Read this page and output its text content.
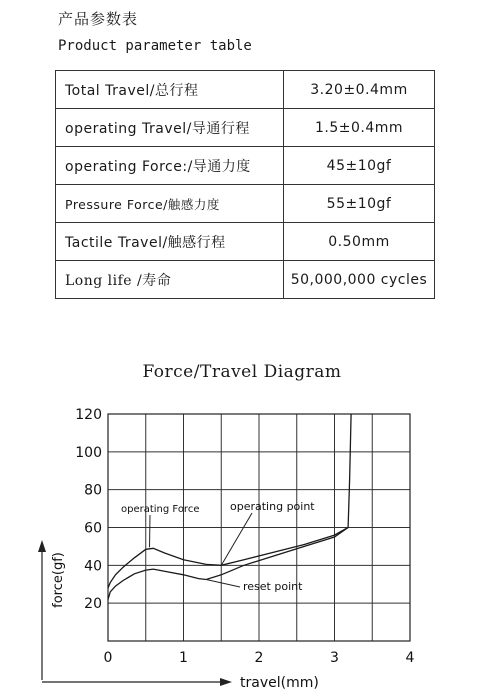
产品参数表
Product parameter table
Total Travel/总行程	3.20±0.4mm
operating Travel/导通行程	1.5±0.4mm
operating Force:/导通力度	45±10gf
Pressure Force/触感力度	55±10gf
Tactile Travel/触感行程	0.50mm
Long life /寿命	50,000,000 cycles
Force/Travel Diagram
20
40
60
80
100
120
0	1	2	3	4
operating Force	operating point
reset point
force(gf)
travel(mm)
